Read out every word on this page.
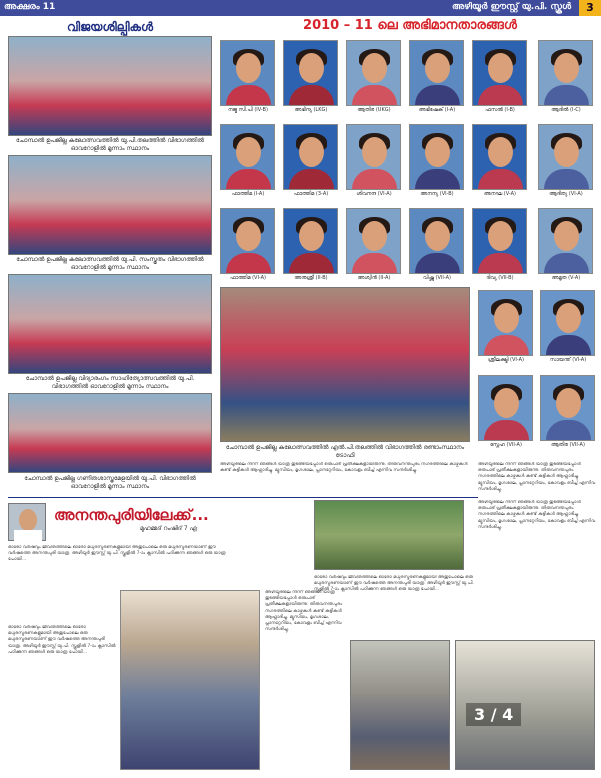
അക്ഷരം 11	അഴിയൂർ ഈസ്റ്റ് യു.പി. സ്കൂൾ	3
വിജയശില്പികൾ
ചോമ്പാൽ ഉപജില്ല കലോത്സവത്തിൽ യു.പി.തലത്തിൽ വിഭാഗത്തിൽ ഓവറോളിൽ മൂന്നാം സ്ഥാനം
ചോമ്പാൽ ഉപജില്ല കലോത്സവത്തിൽ യു.പി. സംസ്കൃതം വിഭാഗത്തിൽ ഓവറോളിൽ മൂന്നാം സ്ഥാനം
ചോമ്പാൽ ഉപജില്ല വിദ്യാരംഗം സാഹിത്യോത്സവത്തിൽ യു.പി. വിഭാഗത്തിൽ ഓവറോളിൽ മൂന്നാം സ്ഥാനം
ചോമ്പാൽ ഉപജില്ല ഗണിതശാസ്ത്രമേളയിൽ യു.പി. വിഭാഗത്തിൽ ഓവറോളിൽ മൂന്നാം സ്ഥാനം
2010 – 11 ലെ അഭിമാനതാരങ്ങൾ
നജ്മ സി.പി (IV-B)	അഭിന്യ (LKG)	ആതിര (UKG)	അഭിഷേക് (I-A)	ഫസൽ (I-B)	ആദിൽ (I-C)
ഫാത്തിമ (I-A)	ഫാത്തിമ (3-A)	ശിവനന്ദ (VI-A)	അനന്യ (VI-B)	അനഘ (V-A)	ആദിത്യ (VI-A)
ഫാത്തിമ (VI-A)	അനുശ്രീ (II-B)	അശ്വിൻ (II-A)	വിഷ്ണു (VII-A)	ദിവ്യ (VII-B)	അമൃത (V-A)
ശ്രീലക്ഷ്മി (VI-A)	സായന്ത് (VI-A)
സ്നേഹ (VII-A)	ആതിര (VII-A)
ചോമ്പാൽ ഉപജില്ല കലോത്സവത്തിൽ എൽ.പി.തലത്തിൽ വിഭാഗത്തിൽ രണ്ടാംസ്ഥാനം ട്രോഫി
അഴിയൂരിലെ നിന്ന് ഞങ്ങൾ യാത്ര തുടങ്ങിയപ്പോൾ ഒരുപാട് പ്രതീക്ഷകളായിരുന്നു. തിരുവനന്തപുരം നഗരത്തിലെ കാഴ്ചകൾ കണ്ട് കുട്ടികൾ ആഹ്ലാദിച്ചു. മ്യൂസിയം, മൃഗശാല, പ്ലാനറ്റേറിയം, കോവളം ബീച്ച് എന്നിവ സന്ദർശിച്ചു.
അഴിയൂരിലെ നിന്ന് ഞങ്ങൾ യാത്ര തുടങ്ങിയപ്പോൾ ഒരുപാട് പ്രതീക്ഷകളായിരുന്നു. തിരുവനന്തപുരം നഗരത്തിലെ കാഴ്ചകൾ കണ്ട് കുട്ടികൾ ആഹ്ലാദിച്ചു. മ്യൂസിയം, മൃഗശാല, പ്ലാനറ്റേറിയം, കോവളം ബീച്ച് എന്നിവ സന്ദർശിച്ചു.
അനന്തപുരിയിലേക്ക്...
മുഹമ്മദ് റംഷിദ് 7 എ
ഓരോ വർഷവും ജീവിതത്തിലെ ഓരോ മധുരസ്മരണകളുമായി അതുപോലെ ഒരു മധുരസ്മരണയാണ് ഈ വർഷത്തെ അനന്തപുരി യാത്ര. അഴിയൂർ ഈസ്റ്റ് യു.പി. സ്കൂളിൽ 7-ാം ക്ലാസിൽ പഠിക്കുന്ന ഞങ്ങൾ ഒരു യാത്ര പോയി...
ഓരോ വർഷവും ജീവിതത്തിലെ ഓരോ മധുരസ്മരണകളുമായി അതുപോലെ ഒരു മധുരസ്മരണയാണ് ഈ വർഷത്തെ അനന്തപുരി യാത്ര. അഴിയൂർ ഈസ്റ്റ് യു.പി. സ്കൂളിൽ 7-ാം ക്ലാസിൽ പഠിക്കുന്ന ഞങ്ങൾ ഒരു യാത്ര പോയി...
അഴിയൂരിലെ നിന്ന് ഞങ്ങൾ യാത്ര തുടങ്ങിയപ്പോൾ ഒരുപാട് പ്രതീക്ഷകളായിരുന്നു. തിരുവനന്തപുരം നഗരത്തിലെ കാഴ്ചകൾ കണ്ട് കുട്ടികൾ ആഹ്ലാദിച്ചു. മ്യൂസിയം, മൃഗശാല, പ്ലാനറ്റേറിയം, കോവളം ബീച്ച് എന്നിവ സന്ദർശിച്ചു.
3 / 4
അഴിയൂരിലെ നിന്ന് ഞങ്ങൾ യാത്ര തുടങ്ങിയപ്പോൾ ഒരുപാട് പ്രതീക്ഷകളായിരുന്നു. തിരുവനന്തപുരം നഗരത്തിലെ കാഴ്ചകൾ കണ്ട് കുട്ടികൾ ആഹ്ലാദിച്ചു. മ്യൂസിയം, മൃഗശാല, പ്ലാനറ്റേറിയം, കോവളം ബീച്ച് എന്നിവ സന്ദർശിച്ചു.
ഓരോ വർഷവും ജീവിതത്തിലെ ഓരോ മധുരസ്മരണകളുമായി അതുപോലെ ഒരു മധുരസ്മരണയാണ് ഈ വർഷത്തെ അനന്തപുരി യാത്ര. അഴിയൂർ ഈസ്റ്റ് യു.പി. സ്കൂളിൽ 7-ാം ക്ലാസിൽ പഠിക്കുന്ന ഞങ്ങൾ ഒരു യാത്ര പോയി...
